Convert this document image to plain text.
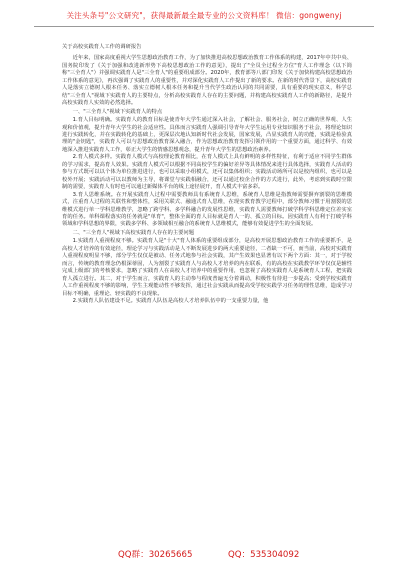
关注头条号"公文研究"，获得最新最全最专业的公文资料库！ 微信：gongwenyj

关于高校实践育人工作的调研报告

近年来，国家高度重视大学生思想政治教育工作，为了加快推进高校思想政治教育工作体系的构建，2017年中共中央、国务院印发了《关于加强和改进新形势下高校思想政治工作的意见》，提出了"全员全过程全方位"育人工作理念（以下简称"三全育人"）并强调实践育人是"三全育人"的重要组成部分。2020年，教育部等八部门印发《关于加快构建高校思想政治工作体系的意见》，再次强调了实践育人的重要性，并对深化实践育人工作提出了新的要求。在新的时代背景下，高校实践育人是落实立德树人根本任务、落实立德树人根本任务和提升当代学生政治认同的共同需要，具有重要的现实意义，科学总结"三全育人"视域下实践育人的主要特点，分析高校实践育人存在的主要问题，并构建高校实践育人工作的新路径，是提升高校实践育人实效的必然选择。

一、"三全育人"视域下实践育人的特点

1.育人目标明确。实践育人的教育目标是使青年大学生通过深入社会，了解社会、服务社会，树立正确的世界观、人生观和价值观，提升青年大学生的社会适应性。具体而言实践育人强调引导青年大学生运用专业知识服务于社会，将理论知识进行实践转化，并在实践转化的基础上，更深层次地认知新时代社会发展，国家发展，凸显实践育人的功能，实践是检验真理的"金钥匙"，实践育人可以与思想政治教育深入融合，作为思想政治教育发挥引领作用的一个重要方面，通过科学、有效地深入推进实践育人工作，彰正大学生的情感思想观念，提升青年大学生的思想政治素养。

2.育人模式多样。实践育人模式与高校理论教育相比，在育人模式上具有鲜明的多样性特征，有利于适应不同学生群体的学习需求，提高育人效果。实践育人模式可以根据不同高校学生的偏好差异等具体情况来进行具体选择，实践育人活动的参与方式既可以以个体为单位推进进行，也可以采取小组模式，还可以集体组织；实践活动场所可以是校内组织，也可以是校外开展；实践活动可以以教师为主导，将课堂与实践相融合，还可以通过校企合作的方式进行，此外，考虑到实践时空限制的需要，实践育人有时也可以通过新媒体平台的线上途径展开，育人模式丰富多彩。

3.育人思维系统。在开展实践育人过程中需要教师具有系统育人思维，系统育人思维是指教师需要摒弃割裂的思维模式，注重育人过程的关联性和整体性，采用关联式、融通式育人思维，在现实教育教学过程中，部分教师习惯于用割裂的思维模式进行单一学科思维教学，忽略了跨学科、多学科融合的发展性思维，实践育人需要教师打破学科学科思维定位差实室育的任务。单科课程落实的任务就是"单育"，整体全面的育人目标就是育人一的、孤立的目标。因实践育人有利于打破学科领域和学科思想的界限，实践多学科、多领域相互融合的系统育人思维模式，能够有效促进学生的全面发展。

二、"三全育人"视域下高校实践育人存在的主要问题

1.实践育人重视程度不够。实践育人是"十大"育人体系的重要组成部分，是高校开展思想政治教育工作的重要抓手，是高校人才培养的有效途径，理论学习与实践活动是人不断发展进步的两大重要途径，二者缺一不可，而当前，高校对实践育人重视程度明显不够，部分学生仅仅是被动、任务式地参与社会实践，其产生效果也显著有以下两个方面：其一，对于学校而言，传统的教育理念仍根深蒂固，人为割裂了实践育人与高校人才培养的内在联系，有的高校在实践教学环节仅仅是辅性完成上级部门的考核要求，忽略了实践育人在高校人才培养中的重要作用，也忽视了高校实践育人是系统育人工程，把实践育人孤立进行。其二，对于学生而言，实践育人的主动参与程度普遍无分着调动，积极性有待进一步提高；受到学校实践育人工作重视程度不够的影响，学生主观能动性不够发挥，通过社会实践从而提高受学校实践学习任务的理性思维，造成学习目标不明确，重理论、轻实践的不良现象。

2.实践育人队伍建设不足。实践育人队伍是高校人才培养队伍中的一支重要力量，他

QQ群：30265665	QQ：535304092
